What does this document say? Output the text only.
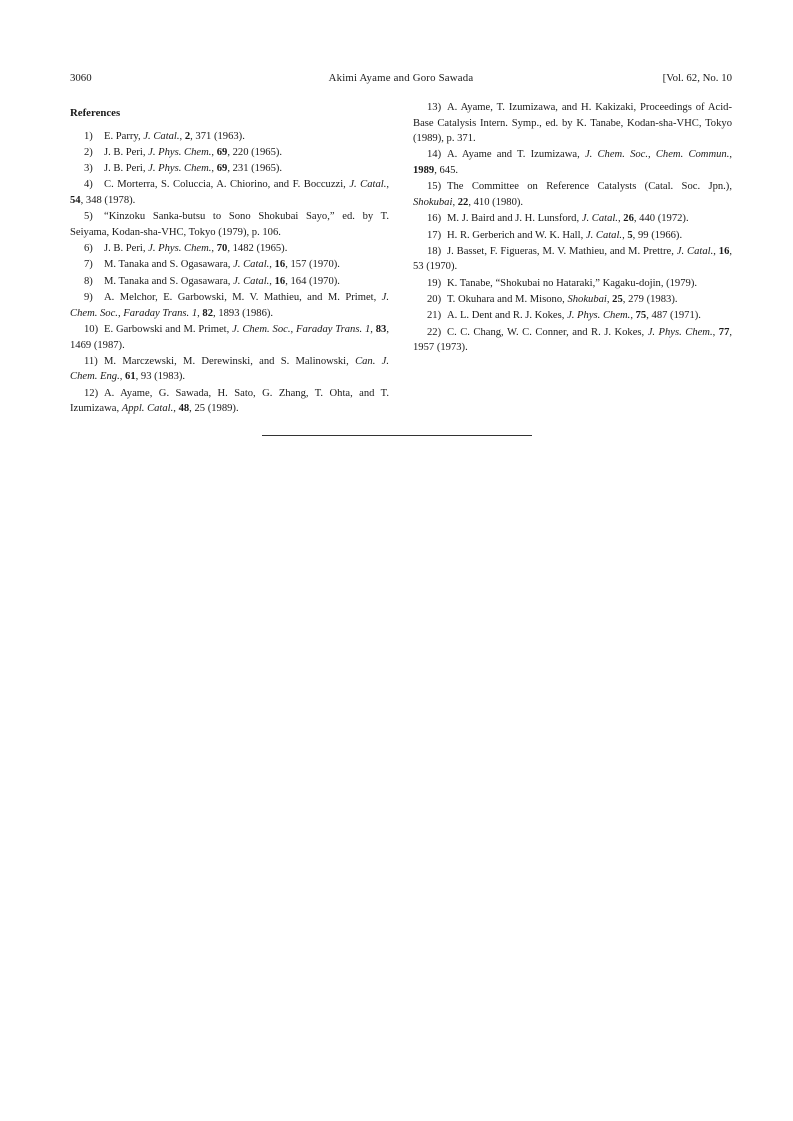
3060	Akimi Ayame and Goro Sawada	[Vol. 62, No. 10
References
1) E. Parry, J. Catal., 2, 371 (1963).
2) J. B. Peri, J. Phys. Chem., 69, 220 (1965).
3) J. B. Peri, J. Phys. Chem., 69, 231 (1965).
4) C. Morterra, S. Coluccia, A. Chiorino, and F. Boccuzzi, J. Catal., 54, 348 (1978).
5) “Kinzoku Sanka-butsu to Sono Shokubai Sayo,” ed. by T. Seiyama, Kodan-sha-VHC, Tokyo (1979), p. 106.
6) J. B. Peri, J. Phys. Chem., 70, 1482 (1965).
7) M. Tanaka and S. Ogasawara, J. Catal., 16, 157 (1970).
8) M. Tanaka and S. Ogasawara, J. Catal., 16, 164 (1970).
9) A. Melchor, E. Garbowski, M. V. Mathieu, and M. Primet, J. Chem. Soc., Faraday Trans. 1, 82, 1893 (1986).
10) E. Garbowski and M. Primet, J. Chem. Soc., Faraday Trans. 1, 83, 1469 (1987).
11) M. Marczewski, M. Derewinski, and S. Malinowski, Can. J. Chem. Eng., 61, 93 (1983).
12) A. Ayame, G. Sawada, H. Sato, G. Zhang, T. Ohta, and T. Izumizawa, Appl. Catal., 48, 25 (1989).
13) A. Ayame, T. Izumizawa, and H. Kakizaki, Proceedings of Acid-Base Catalysis Intern. Symp., ed. by K. Tanabe, Kodan-sha-VHC, Tokyo (1989), p. 371.
14) A. Ayame and T. Izumizawa, J. Chem. Soc., Chem. Commun., 1989, 645.
15) The Committee on Reference Catalysts (Catal. Soc. Jpn.), Shokubai, 22, 410 (1980).
16) M. J. Baird and J. H. Lunsford, J. Catal., 26, 440 (1972).
17) H. R. Gerberich and W. K. Hall, J. Catal., 5, 99 (1966).
18) J. Basset, F. Figueras, M. V. Mathieu, and M. Prettre, J. Catal., 16, 53 (1970).
19) K. Tanabe, “Shokubai no Hataraki,” Kagaku-dojin, (1979).
20) T. Okuhara and M. Misono, Shokubai, 25, 279 (1983).
21) A. L. Dent and R. J. Kokes, J. Phys. Chem., 75, 487 (1971).
22) C. C. Chang, W. C. Conner, and R. J. Kokes, J. Phys. Chem., 77, 1957 (1973).
